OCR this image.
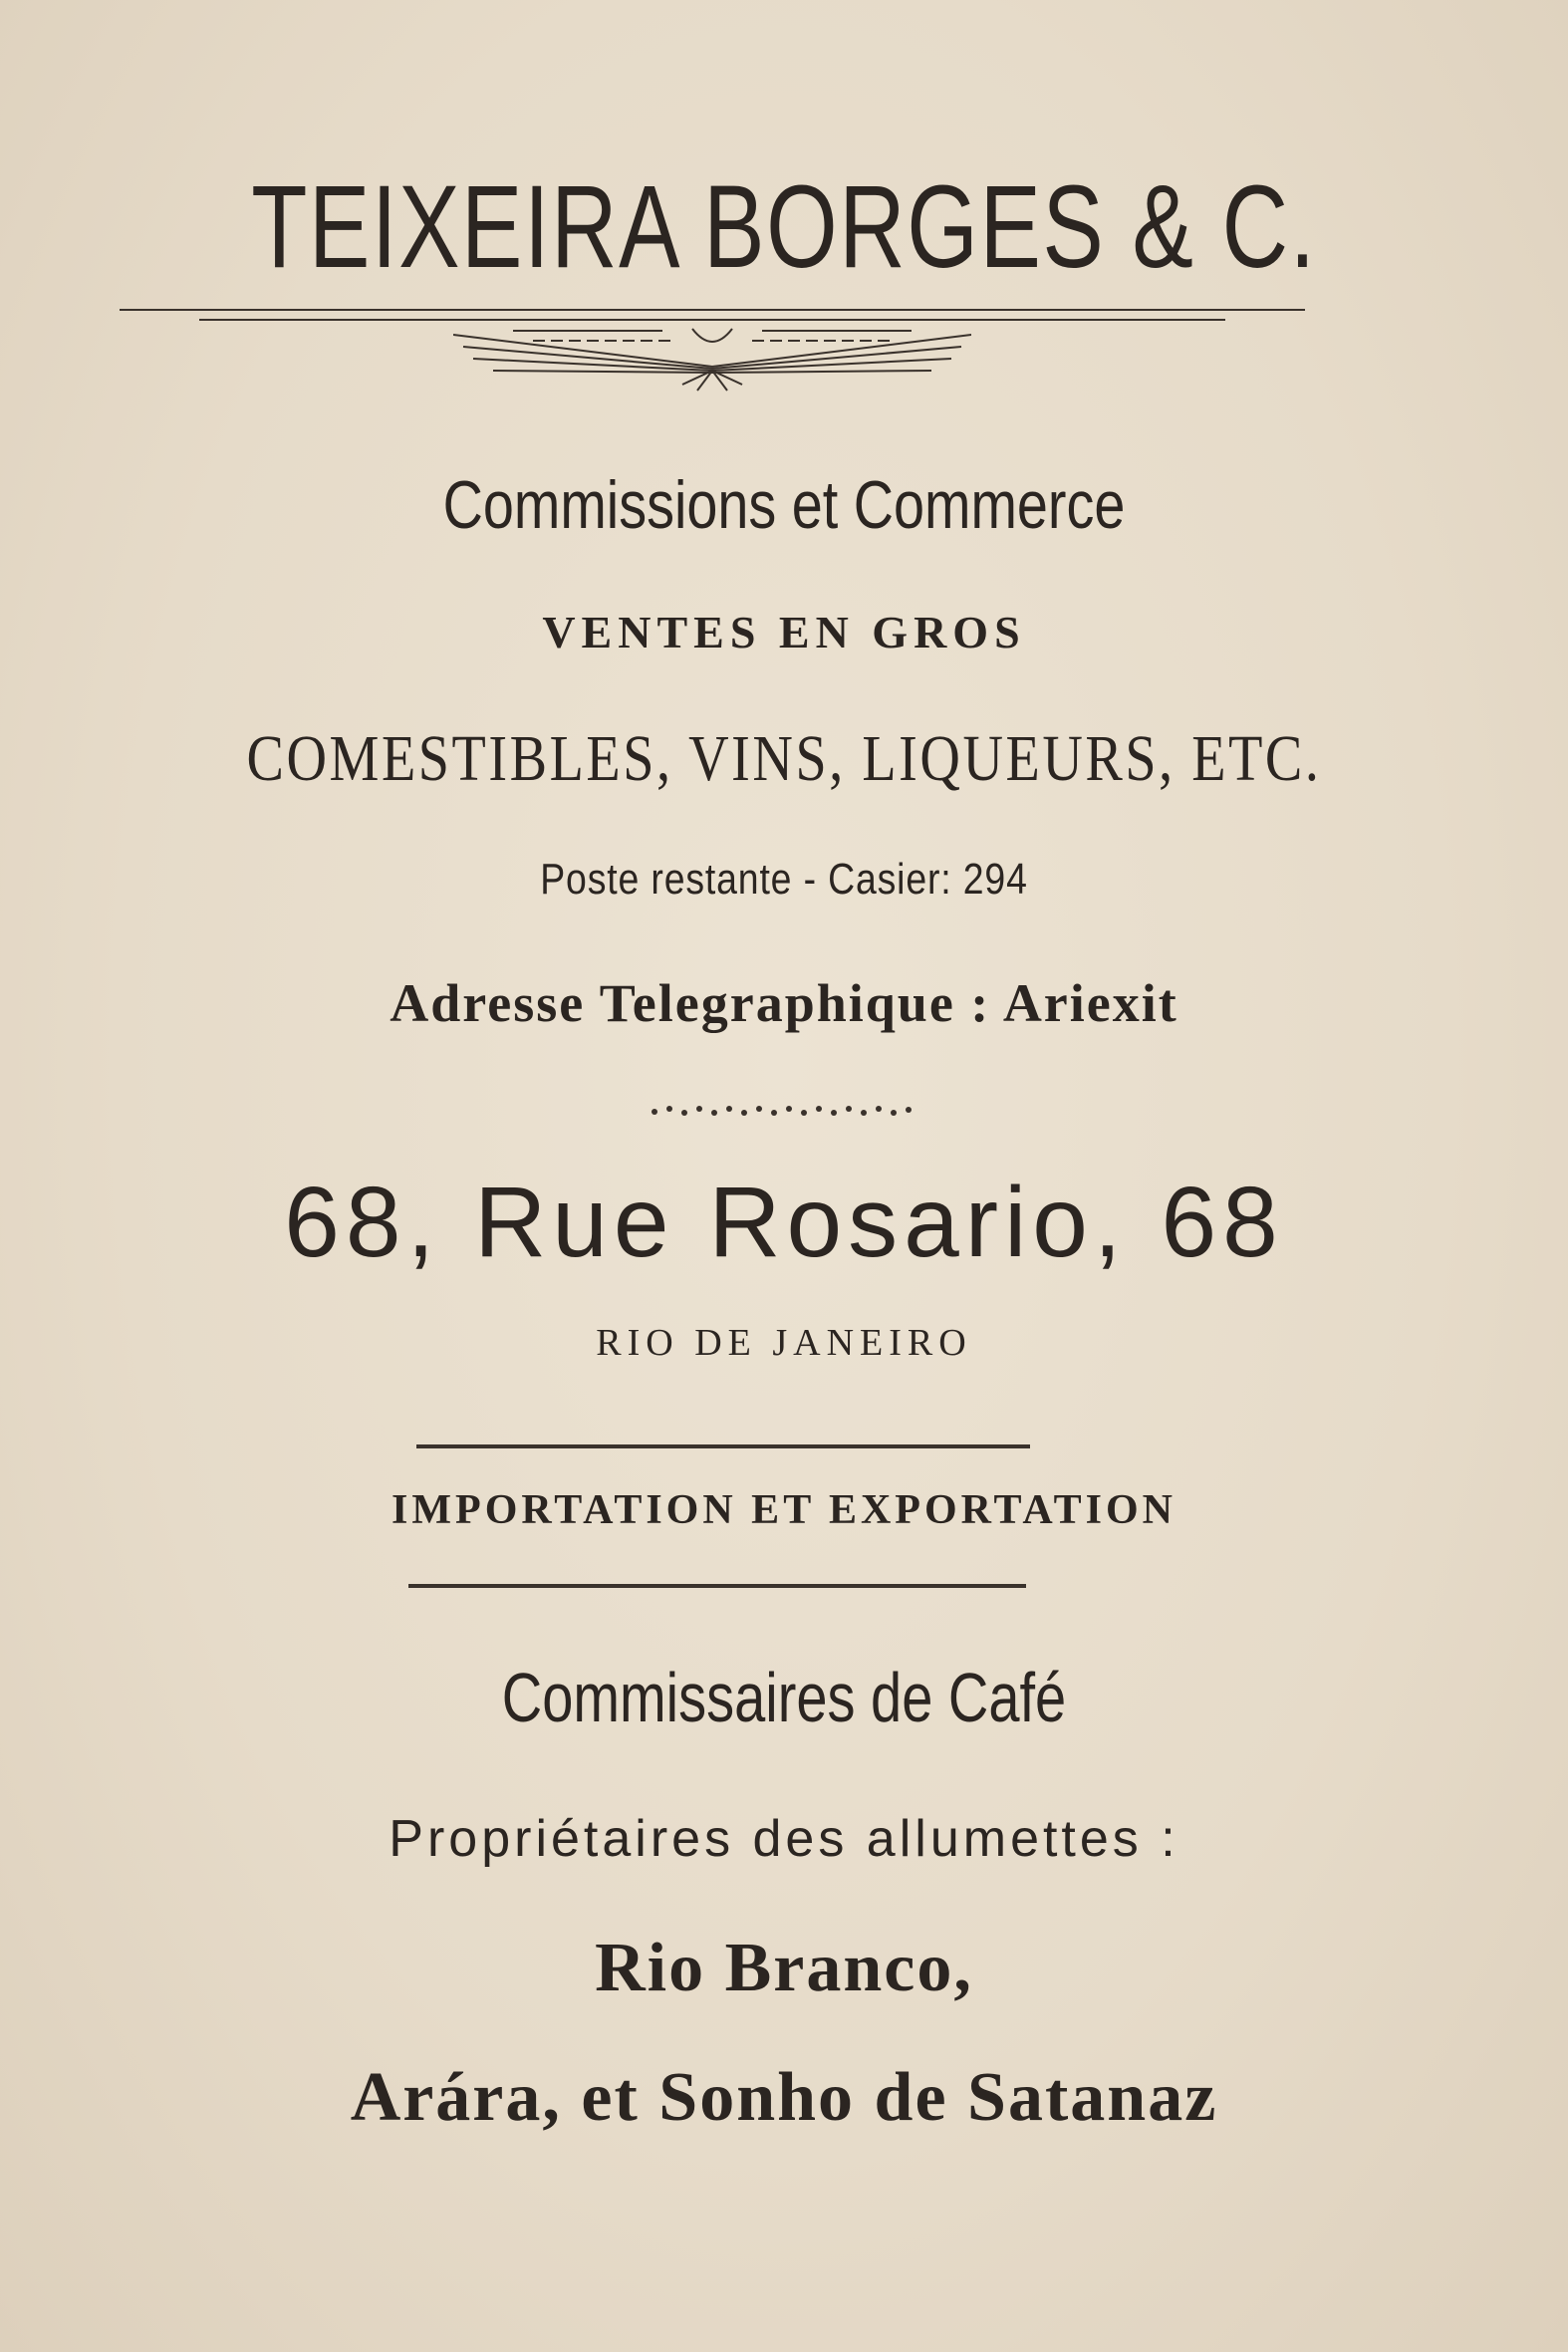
TEIXEIRA BORGES & C.
Commissions et Commerce
VENTES EN GROS
COMESTIBLES, VINS, LIQUEURS, ETC.
Poste restante - Casier: 294
Adresse Telegraphique : Ariexit
68, Rue Rosario, 68
RIO DE JANEIRO
IMPORTATION ET EXPORTATION
Commissaires de Café
Propriétaires des allumettes :
Rio Branco,
Arára, et Sonho de Satanaz
